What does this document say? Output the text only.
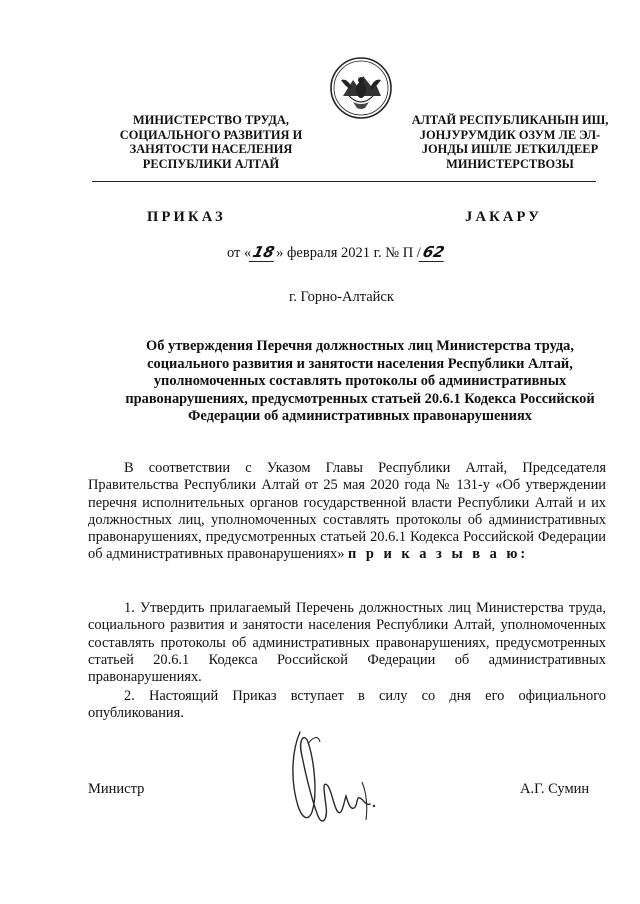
МИНИСТЕРСТВО ТРУДА,
СОЦИАЛЬНОГО РАЗВИТИЯ И
ЗАНЯТОСТИ НАСЕЛЕНИЯ
РЕСПУБЛИКИ АЛТАЙ
АЛТАЙ РЕСПУБЛИКАНЫН ИШ,
ЈОНЈУРУМДИК ОЗУМ ЛЕ ЭЛ-
ЈОНДЫ ИШЛЕ ЈЕТКИЛДЕЕР
МИНИСТЕРСТВОЗЫ
ПРИКАЗ	ЈАКАРУ
от «18» февраля 2021 г. № П /62
г. Горно-Алтайск
Об утверждения Перечня должностных лиц Министерства труда,
социального развития и занятости населения Республики Алтай,
уполномоченных составлять протоколы об административных
правонарушениях, предусмотренных статьей 20.6.1 Кодекса Российской
Федерации об административных правонарушениях

В соответствии с Указом Главы Республики Алтай, Председателя Правительства Республики Алтай от 25 мая 2020 года № 131-у «Об утверждении перечня исполнительных органов государственной власти Республики Алтай и их должностных лиц, уполномоченных составлять протоколы об административных правонарушениях, предусмотренных статьей 20.6.1 Кодекса Российской Федерации об административных правонарушениях» п р и к а з ы в а ю:

1. Утвердить прилагаемый Перечень должностных лиц Министерства труда, социального развития и занятости населения Республики Алтай, уполномоченных составлять протоколы об административных правонарушениях, предусмотренных статьей 20.6.1 Кодекса Российской Федерации об административных правонарушениях.

2. Настоящий Приказ вступает в силу со дня его официального опубликования.

Министр	А.Г. Сумин
